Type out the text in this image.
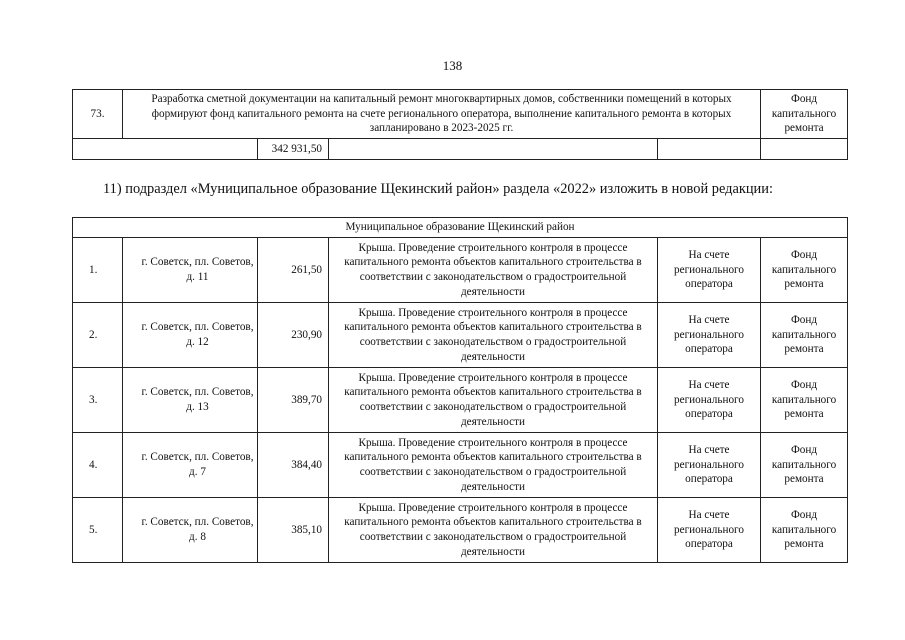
138
73.	Разработка сметной документации на капитальный ремонт многоквартирных домов, собственники помещений в которых формируют фонд капитального ремонта на счете регионального оператора, выполнение капитального ремонта в которых запланировано в 2023-2025 гг.				Фонд капитального ремонта
		342 931,50			
11) подраздел «Муниципальное образование Щекинский район» раздела «2022» изложить в новой редакции:
Муниципальное образование Щекинский район					
1.	г. Советск, пл. Советов, д. 11	261,50	Крыша. Проведение строительного контроля в процессе капитального ремонта объектов капитального строительства в соответствии с законодательством о градостроительной деятельности	На счете регионального оператора	Фонд капитального ремонта
2.	г. Советск, пл. Советов, д. 12	230,90	Крыша. Проведение строительного контроля в процессе капитального ремонта объектов капитального строительства в соответствии с законодательством о градостроительной деятельности	На счете регионального оператора	Фонд капитального ремонта
3.	г. Советск, пл. Советов, д. 13	389,70	Крыша. Проведение строительного контроля в процессе капитального ремонта объектов капитального строительства в соответствии с законодательством о градостроительной деятельности	На счете регионального оператора	Фонд капитального ремонта
4.	г. Советск, пл. Советов, д. 7	384,40	Крыша. Проведение строительного контроля в процессе капитального ремонта объектов капитального строительства в соответствии с законодательством о градостроительной деятельности	На счете регионального оператора	Фонд капитального ремонта
5.	г. Советск, пл. Советов, д. 8	385,10	Крыша. Проведение строительного контроля в процессе капитального ремонта объектов капитального строительства в соответствии с законодательством о градостроительной деятельности	На счете регионального оператора	Фонд капитального ремонта
